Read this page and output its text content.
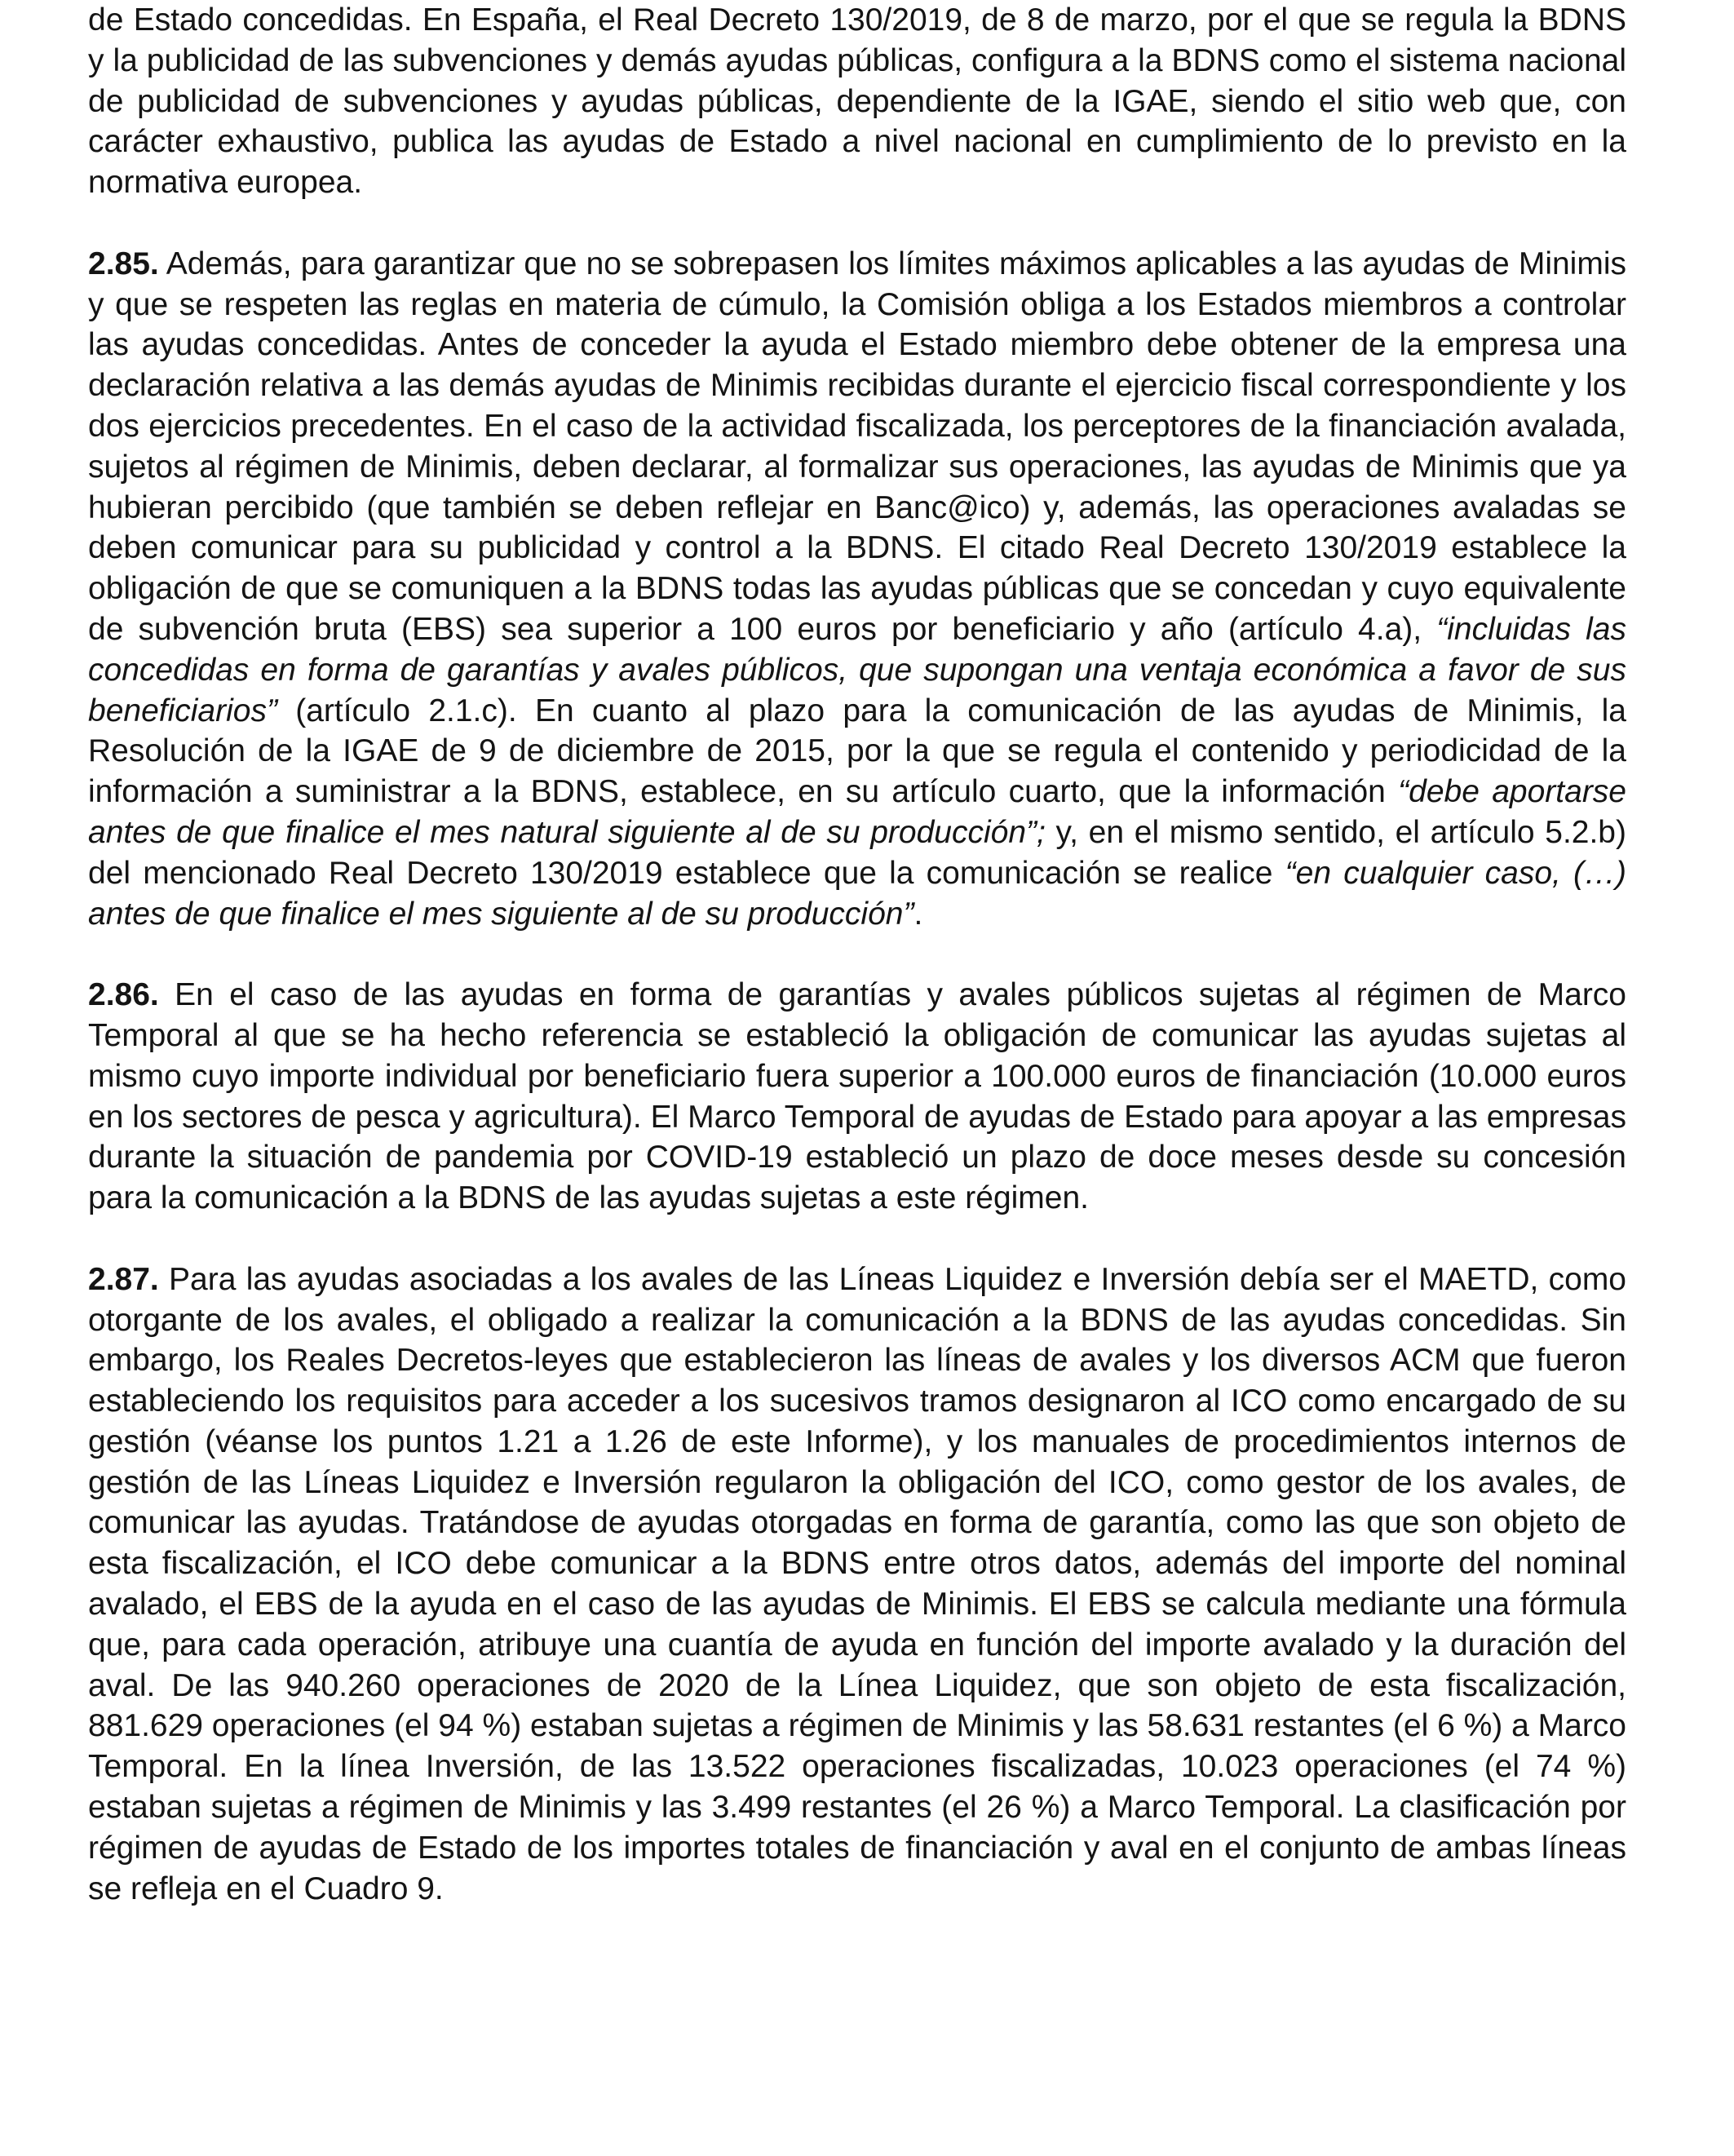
de Estado concedidas. En España, el Real Decreto 130/2019, de 8 de marzo, por el que se regula la BDNS y la publicidad de las subvenciones y demás ayudas públicas, configura a la BDNS como el sistema nacional de publicidad de subvenciones y ayudas públicas, dependiente de la IGAE, siendo el sitio web que, con carácter exhaustivo, publica las ayudas de Estado a nivel nacional en cumplimiento de lo previsto en la normativa europea.

2.85. Además, para garantizar que no se sobrepasen los límites máximos aplicables a las ayudas de Minimis y que se respeten las reglas en materia de cúmulo, la Comisión obliga a los Estados miembros a controlar las ayudas concedidas. Antes de conceder la ayuda el Estado miembro debe obtener de la empresa una declaración relativa a las demás ayudas de Minimis recibidas durante el ejercicio fiscal correspondiente y los dos ejercicios precedentes. En el caso de la actividad fiscalizada, los perceptores de la financiación avalada, sujetos al régimen de Minimis, deben declarar, al formalizar sus operaciones, las ayudas de Minimis que ya hubieran percibido (que también se deben reflejar en Banc@ico) y, además, las operaciones avaladas se deben comunicar para su publicidad y control a la BDNS. El citado Real Decreto 130/2019 establece la obligación de que se comuniquen a la BDNS todas las ayudas públicas que se concedan y cuyo equivalente de subvención bruta (EBS) sea superior a 100 euros por beneficiario y año (artículo 4.a), “incluidas las concedidas en forma de garantías y avales públicos, que supongan una ventaja económica a favor de sus beneficiarios” (artículo 2.1.c). En cuanto al plazo para la comunicación de las ayudas de Minimis, la Resolución de la IGAE de 9 de diciembre de 2015, por la que se regula el contenido y periodicidad de la información a suministrar a la BDNS, establece, en su artículo cuarto, que la información “debe aportarse antes de que finalice el mes natural siguiente al de su producción”; y, en el mismo sentido, el artículo 5.2.b) del mencionado Real Decreto 130/2019 establece que la comunicación se realice “en cualquier caso, (…) antes de que finalice el mes siguiente al de su producción”.

2.86. En el caso de las ayudas en forma de garantías y avales públicos sujetas al régimen de Marco Temporal al que se ha hecho referencia se estableció la obligación de comunicar las ayudas sujetas al mismo cuyo importe individual por beneficiario fuera superior a 100.000 euros de financiación (10.000 euros en los sectores de pesca y agricultura). El Marco Temporal de ayudas de Estado para apoyar a las empresas durante la situación de pandemia por COVID-19 estableció un plazo de doce meses desde su concesión para la comunicación a la BDNS de las ayudas sujetas a este régimen.

2.87. Para las ayudas asociadas a los avales de las Líneas Liquidez e Inversión debía ser el MAETD, como otorgante de los avales, el obligado a realizar la comunicación a la BDNS de las ayudas concedidas. Sin embargo, los Reales Decretos-leyes que establecieron las líneas de avales y los diversos ACM que fueron estableciendo los requisitos para acceder a los sucesivos tramos designaron al ICO como encargado de su gestión (véanse los puntos 1.21 a 1.26 de este Informe), y los manuales de procedimientos internos de gestión de las Líneas Liquidez e Inversión regularon la obligación del ICO, como gestor de los avales, de comunicar las ayudas. Tratándose de ayudas otorgadas en forma de garantía, como las que son objeto de esta fiscalización, el ICO debe comunicar a la BDNS entre otros datos, además del importe del nominal avalado, el EBS de la ayuda en el caso de las ayudas de Minimis. El EBS se calcula mediante una fórmula que, para cada operación, atribuye una cuantía de ayuda en función del importe avalado y la duración del aval. De las 940.260 operaciones de 2020 de la Línea Liquidez, que son objeto de esta fiscalización, 881.629 operaciones (el 94 %) estaban sujetas a régimen de Minimis y las 58.631 restantes (el 6 %) a Marco Temporal. En la línea Inversión, de las 13.522 operaciones fiscalizadas, 10.023 operaciones (el 74 %) estaban sujetas a régimen de Minimis y las 3.499 restantes (el 26 %) a Marco Temporal. La clasificación por régimen de ayudas de Estado de los importes totales de financiación y aval en el conjunto de ambas líneas se refleja en el Cuadro 9.
